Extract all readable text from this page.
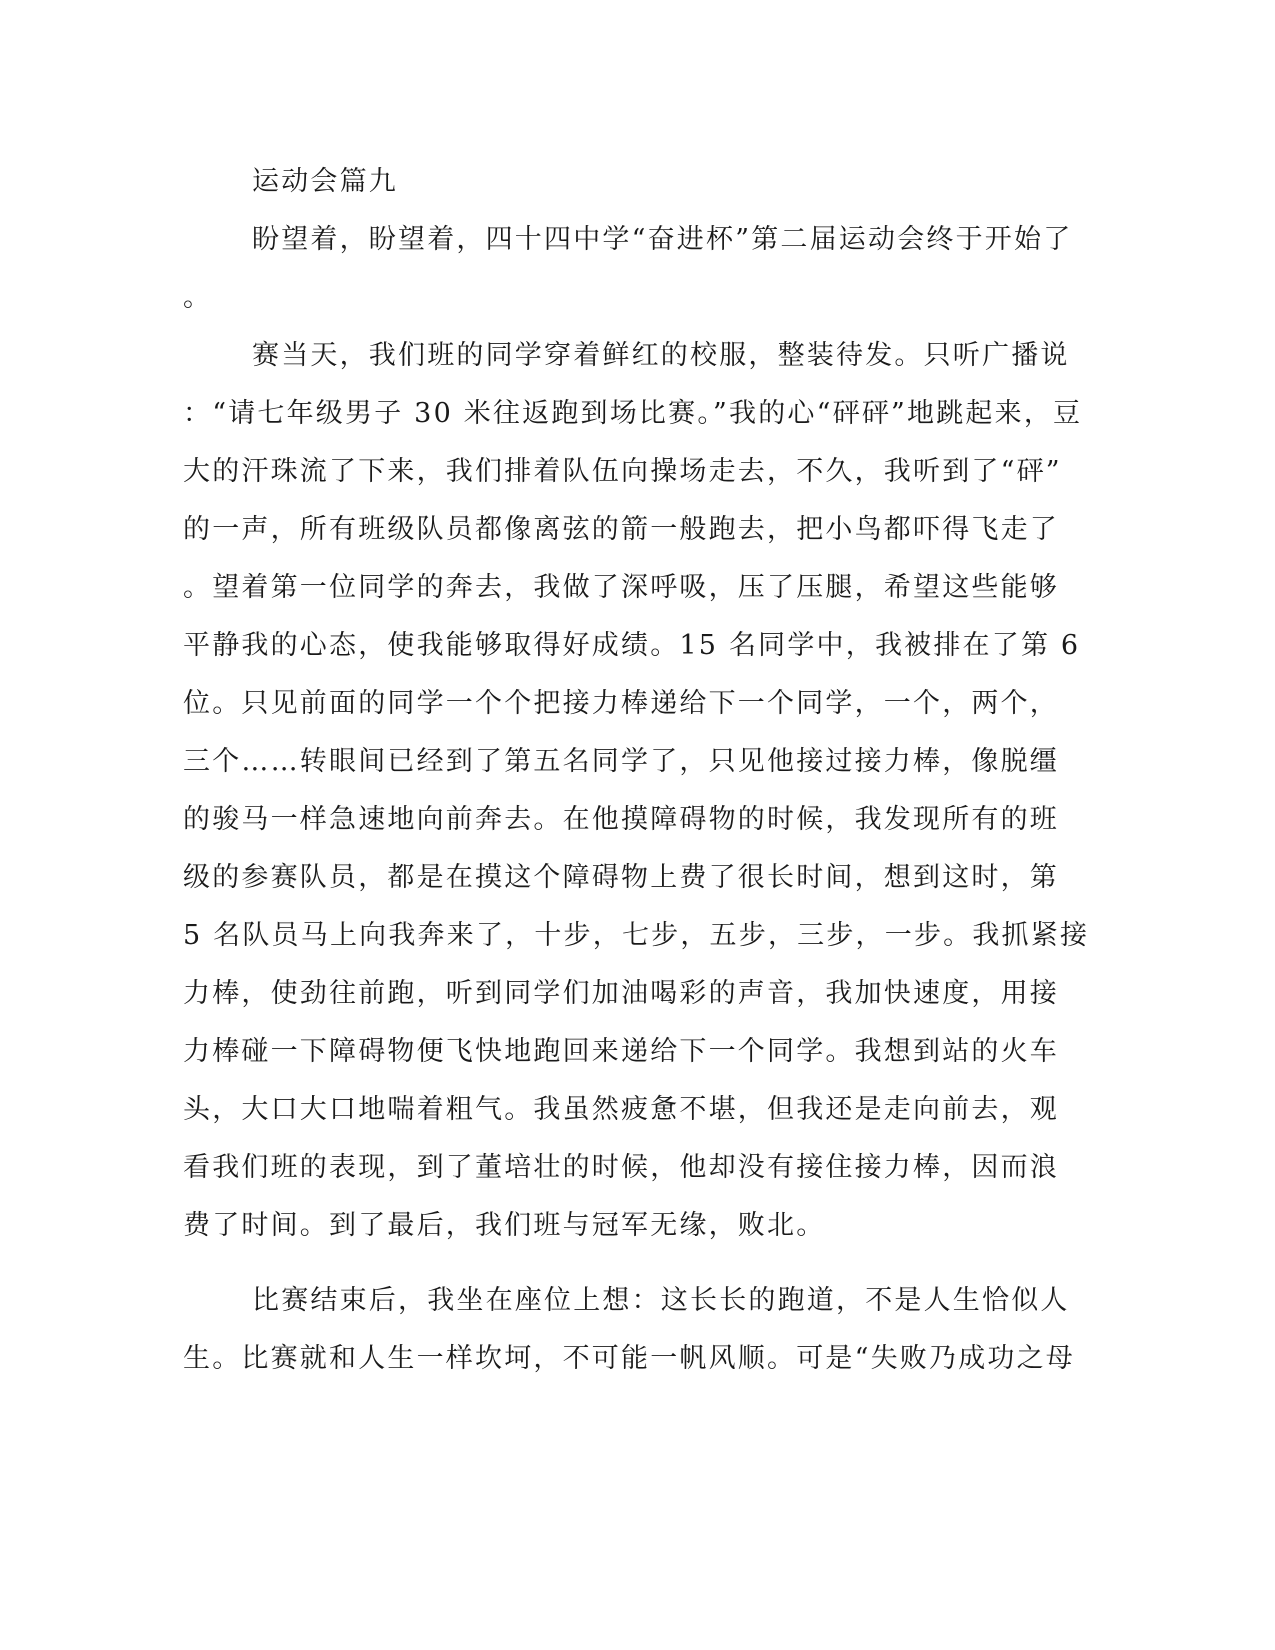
运动会篇九
盼望着，盼望着，四十四中学“奋进杯”第二届运动会终于开始了
。
赛当天，我们班的同学穿着鲜红的校服，整装待发。只听广播说
：“请七年级男子 30 米往返跑到场比赛。”我的心“砰砰”地跳起来，豆
大的汗珠流了下来，我们排着队伍向操场走去，不久，我听到了“砰”
的一声，所有班级队员都像离弦的箭一般跑去，把小鸟都吓得飞走了
。望着第一位同学的奔去，我做了深呼吸，压了压腿，希望这些能够
平静我的心态，使我能够取得好成绩。15 名同学中，我被排在了第 6
位。只见前面的同学一个个把接力棒递给下一个同学，一个，两个，
三个……转眼间已经到了第五名同学了，只见他接过接力棒，像脱缰
的骏马一样急速地向前奔去。在他摸障碍物的时候，我发现所有的班
级的参赛队员，都是在摸这个障碍物上费了很长时间，想到这时，第
5 名队员马上向我奔来了，十步，七步，五步，三步，一步。我抓紧接
力棒，使劲往前跑，听到同学们加油喝彩的声音，我加快速度，用接
力棒碰一下障碍物便飞快地跑回来递给下一个同学。我想到站的火车
头，大口大口地喘着粗气。我虽然疲惫不堪，但我还是走向前去，观
看我们班的表现，到了董培壮的时候，他却没有接住接力棒，因而浪
费了时间。到了最后，我们班与冠军无缘，败北。
比赛结束后，我坐在座位上想：这长长的跑道，不是人生恰似人
生。比赛就和人生一样坎坷，不可能一帆风顺。可是“失败乃成功之母
